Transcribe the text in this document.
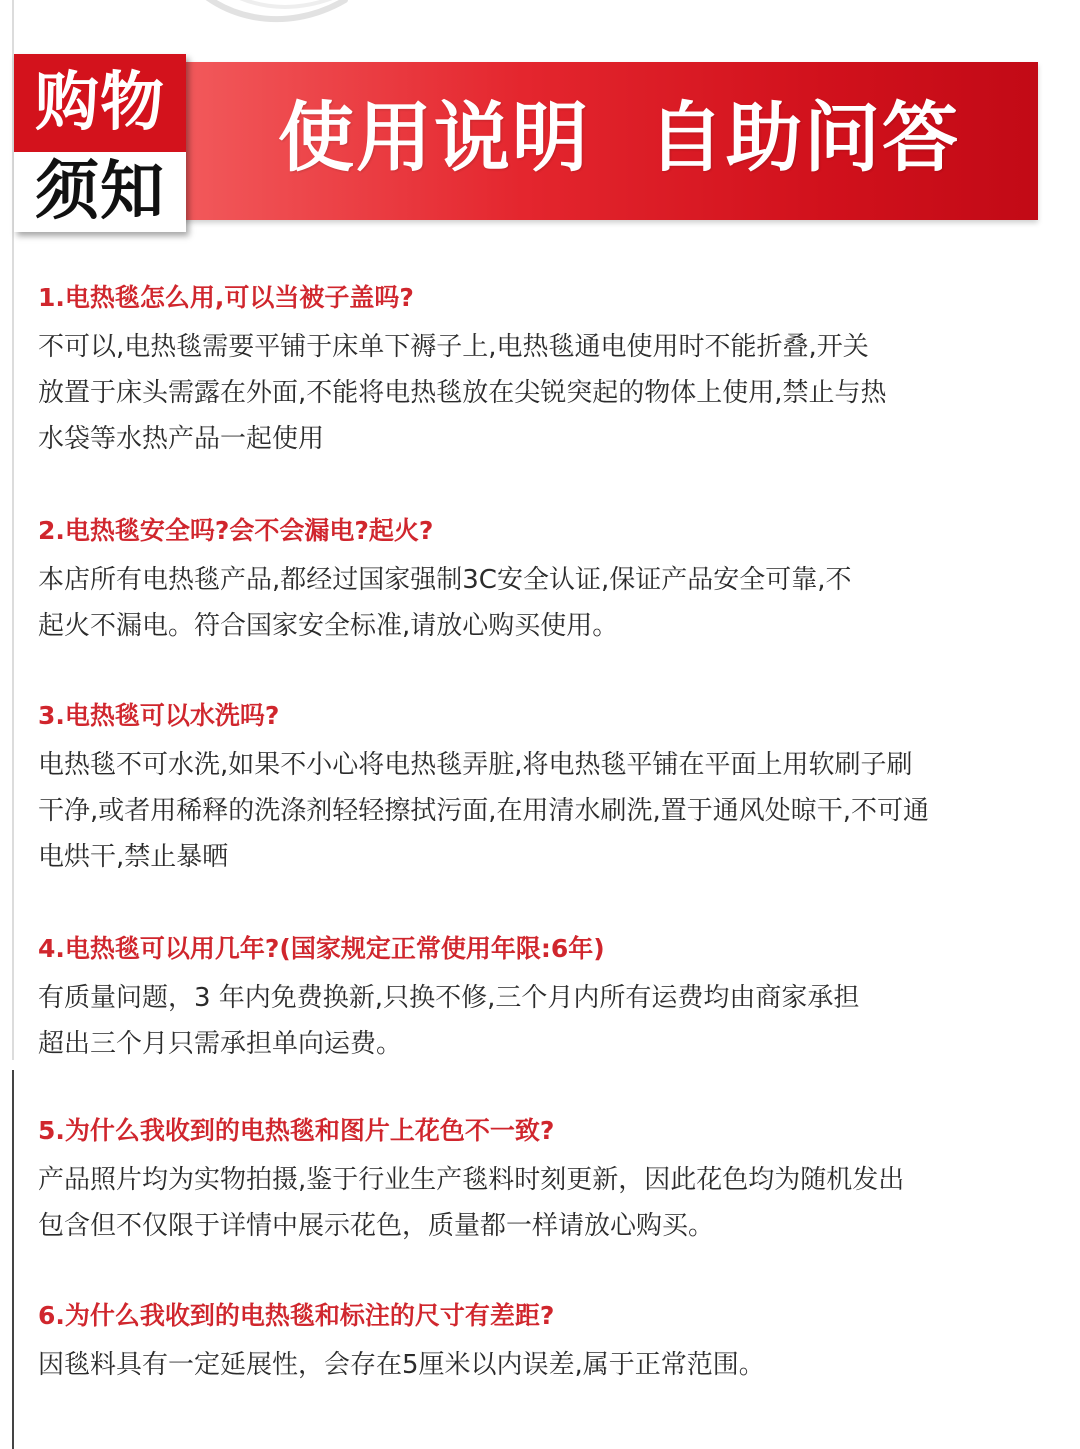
使用说明 自助问答
购物
须知
1.电热毯怎么用,可以当被子盖吗?

不可以,电热毯需要平铺于床单下褥子上,电热毯通电使用时不能折叠,开关

放置于床头需露在外面,不能将电热毯放在尖锐突起的物体上使用,禁止与热

水袋等水热产品一起使用

2.电热毯安全吗?会不会漏电?起火?

本店所有电热毯产品,都经过国家强制3C安全认证,保证产品安全可靠,不

起火不漏电。符合国家安全标准,请放心购买使用。

3.电热毯可以水洗吗?

电热毯不可水洗,如果不小心将电热毯弄脏,将电热毯平铺在平面上用软刷子刷

干净,或者用稀释的洗涤剂轻轻擦拭污面,在用清水刷洗,置于通风处晾干,不可通

电烘干,禁止暴晒

4.电热毯可以用几年?(国家规定正常使用年限:6年)

有质量问题，3 年内免费换新,只换不修,三个月内所有运费均由商家承担

超出三个月只需承担单向运费。

5.为什么我收到的电热毯和图片上花色不一致?

产品照片均为实物拍摄,鉴于行业生产毯料时刻更新，因此花色均为随机发出

包含但不仅限于详情中展示花色，质量都一样请放心购买。

6.为什么我收到的电热毯和标注的尺寸有差距?

因毯料具有一定延展性，会存在5厘米以内误差,属于正常范围。
